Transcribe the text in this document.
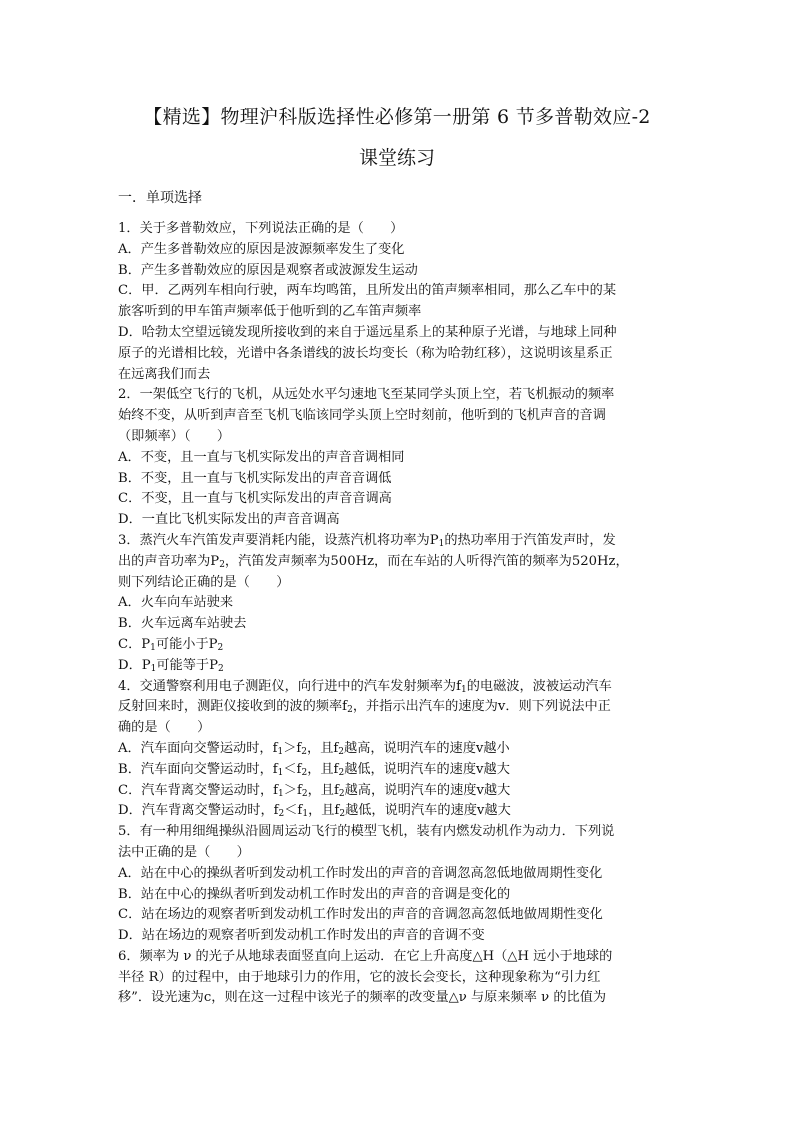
【精选】物理沪科版选择性必修第一册第 6 节多普勒效应-2
课堂练习
一．单项选择

1．关于多普勒效应，下列说法正确的是（　　）

A．产生多普勒效应的原因是波源频率发生了变化

B．产生多普勒效应的原因是观察者或波源发生运动

C．甲．乙两列车相向行驶，两车均鸣笛，且所发出的笛声频率相同，那么乙车中的某

旅客听到的甲车笛声频率低于他听到的乙车笛声频率

D．哈勃太空望远镜发现所接收到的来自于遥远星系上的某种原子光谱，与地球上同种

原子的光谱相比较，光谱中各条谱线的波长均变长（称为哈勃红移），这说明该星系正

在远离我们而去

2．一架低空飞行的飞机，从远处水平匀速地飞至某同学头顶上空，若飞机振动的频率

始终不变，从听到声音至飞机飞临该同学头顶上空时刻前，他听到的飞机声音的音调

（即频率）（　　）

A．不变，且一直与飞机实际发出的声音音调相同

B．不变，且一直与飞机实际发出的声音音调低

C．不变，且一直与飞机实际发出的声音音调高

D．一直比飞机实际发出的声音音调高

3．蒸汽火车汽笛发声要消耗内能，设蒸汽机将功率为$P_1$的热功率用于汽笛发声时，发

出的声音功率为$P_2$，汽笛发声频率为500Hz，而在车站的人听得汽笛的频率为520Hz，

则下列结论正确的是（　　）

A．火车向车站驶来

B．火车远离车站驶去

C．$P_1$可能小于$P_2$

D．$P_1$可能等于$P_2$

4．交通警察利用电子测距仪，向行进中的汽车发射频率为$f_1$的电磁波，波被运动汽车

反射回来时，测距仪接收到的波的频率$f_2$，并指示出汽车的速度为v．则下列说法中正

确的是（　　）

A．汽车面向交警运动时，$f_1>f_2$，且$f_2$越高，说明汽车的速度v越小

B．汽车面向交警运动时，$f_1<f_2$，且$f_2$越低，说明汽车的速度v越大

C．汽车背离交警运动时，$f_1>f_2$，且$f_2$越高，说明汽车的速度v越大

D．汽车背离交警运动时，$f_2<f_1$，且$f_2$越低，说明汽车的速度v越大

5．有一种用细绳操纵沿圆周运动飞行的模型飞机，装有内燃发动机作为动力．下列说

法中正确的是（　　）

A．站在中心的操纵者听到发动机工作时发出的声音的音调忽高忽低地做周期性变化

B．站在中心的操纵者听到发动机工作时发出的声音的音调是变化的

C．站在场边的观察者听到发动机工作时发出的声音的音调忽高忽低地做周期性变化

D．站在场边的观察者听到发动机工作时发出的声音的音调不变

6．频率为 ν 的光子从地球表面竖直向上运动．在它上升高度△H（△H 远小于地球的

半径 R）的过程中，由于地球引力的作用，它的波长会变长，这种现象称为“引力红

移”．设光速为c，则在这一过程中该光子的频率的改变量△ν 与原来频率 ν 的比值为
